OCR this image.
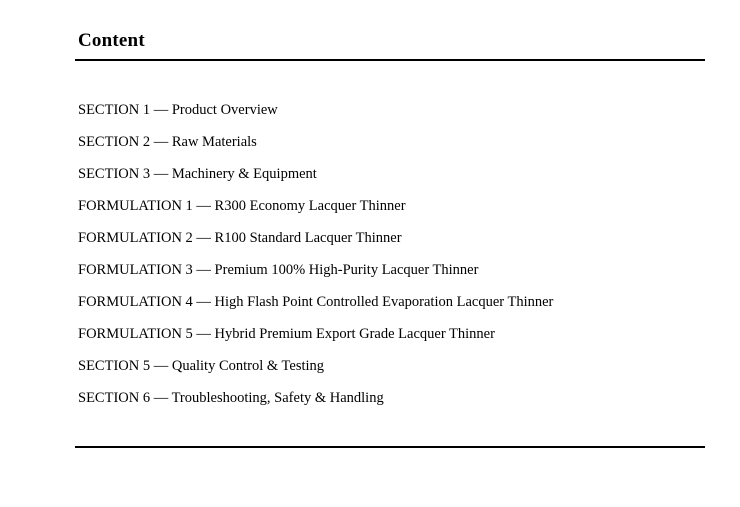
Content
SECTION 1 — Product Overview
SECTION 2 — Raw Materials
SECTION 3 — Machinery & Equipment
FORMULATION 1 — R300 Economy Lacquer Thinner
FORMULATION 2 — R100 Standard Lacquer Thinner
FORMULATION 3 — Premium 100% High-Purity Lacquer Thinner
FORMULATION 4 — High Flash Point Controlled Evaporation Lacquer Thinner
FORMULATION 5 — Hybrid Premium Export Grade Lacquer Thinner
SECTION 5 — Quality Control & Testing
SECTION 6 — Troubleshooting, Safety & Handling
